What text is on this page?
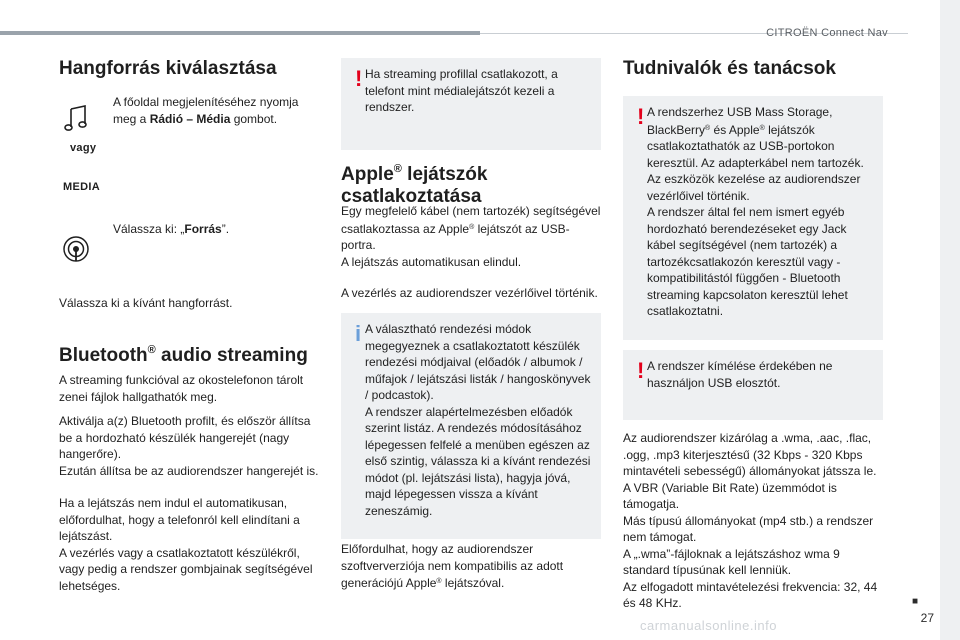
CITROËN Connect Nav
■
27
carmanualsonline.info
Hangforrás kiválasztása

A főoldal megjelenítéséhez nyomja meg a Rádió – Média gombot.

vagy
MEDIA

Válassza ki: „Forrás”.

Válassza ki a kívánt hangforrást.

Bluetooth® audio streaming

A streaming funkcióval az okostelefonon tárolt zenei fájlok hallgathatók meg.

Aktiválja a(z) Bluetooth profilt, és először állítsa be a hordozható készülék hangerejét (nagy hangerőre).

Ezután állítsa be az audiorendszer hangerejét is.

Ha a lejátszás nem indul el automatikusan, előfordulhat, hogy a telefonról kell elindítani a lejátszást.

A vezérlés vagy a csatlakoztatott készülékről, vagy pedig a rendszer gombjainak segítségével lehetséges.

! Ha streaming profillal csatlakozott, a telefont mint médialejátszót kezeli a rendszer.
Apple® lejátszók
csatlakoztatása

Egy megfelelő kábel (nem tartozék) segítségével csatlakoztassa az Apple® lejátszót az USB-portra.

A lejátszás automatikusan elindul.

A vezérlés az audiorendszer vezérlőivel történik.

i A választható rendezési módok megegyeznek a csatlakoztatott készülék rendezési módjaival (előadók / albumok / műfajok / lejátszási listák / hangoskönyvek / podcastok).

A rendszer alapértelmezésben előadók szerint listáz. A rendezés módosításához lépegessen felfelé a menüben egészen az első szintig, válassza ki a kívánt rendezési módot (pl. lejátszási lista), hagyja jóvá, majd lépegessen vissza a kívánt zeneszámig.

Előfordulhat, hogy az audiorendszer szoftververziója nem kompatibilis az adott generációjú Apple® lejátszóval.

Tudnivalók és tanácsok
! A rendszerhez USB Mass Storage, BlackBerry® és Apple® lejátszók csatlakoztathatók az USB-portokon keresztül. Az adapterkábel nem tartozék. Az eszközök kezelése az audiorendszer vezérlőivel történik.

A rendszer által fel nem ismert egyéb hordozható berendezéseket egy Jack kábel segítségével (nem tartozék) a tartozékcsatlakozón keresztül vagy - kompatibilitástól függően - Bluetooth streaming kapcsolaton keresztül lehet csatlakoztatni.

! A rendszer kímélése érdekében ne használjon USB elosztót.

Az audiorendszer kizárólag a .wma, .aac, .flac, .ogg, .mp3 kiterjesztésű (32 Kbps - 320 Kbps mintavételi sebességű) állományokat játssza le.

A VBR (Variable Bit Rate) üzemmódot is támogatja.

Más típusú állományokat (mp4 stb.) a rendszer nem támogat.

A „.wma”-fájloknak a lejátszáshoz wma 9 standard típusúnak kell lenniük.

Az elfogadott mintavételezési frekvencia: 32, 44 és 48 KHz.
